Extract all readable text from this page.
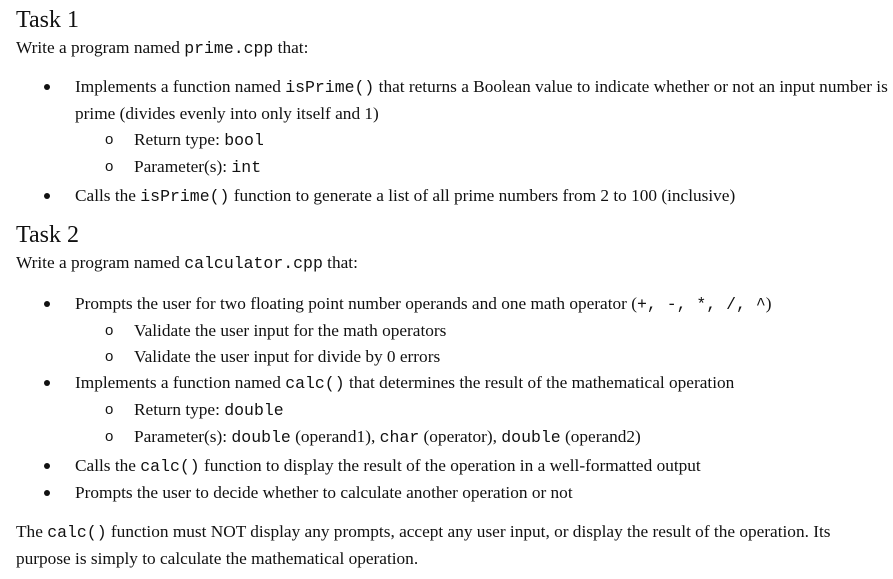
Task 1

Write a program named prime.cpp that:

Implements a function named isPrime() that returns a Boolean value to indicate whether or not an input number is prime (divides evenly into only itself and 1)
o Return type: bool
o Parameter(s): int
Calls the isPrime() function to generate a list of all prime numbers from 2 to 100 (inclusive)
Task 2

Write a program named calculator.cpp that:

Prompts the user for two floating point number operands and one math operator (+, -, *, /, ^)
o Validate the user input for the math operators
o Validate the user input for divide by 0 errors
Implements a function named calc() that determines the result of the mathematical operation
o Return type: double
o Parameter(s): double (operand1), char (operator), double (operand2)
Calls the calc() function to display the result of the operation in a well-formatted output
Prompts the user to decide whether to calculate another operation or not

The calc() function must NOT display any prompts, accept any user input, or display the result of the operation. Its purpose is simply to calculate the mathematical operation.
